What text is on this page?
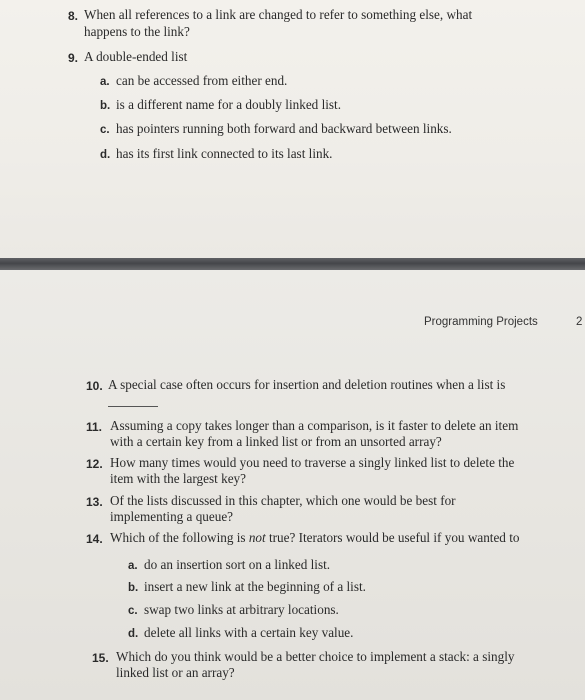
8. When all references to a link are changed to refer to something else, what
happens to the link?
9. A double-ended list
a. can be accessed from either end.
b. is a different name for a doubly linked list.
c. has pointers running both forward and backward between links.
d. has its first link connected to its last link.
Programming Projects	2
10. A special case often occurs for insertion and deletion routines when a list is
11. Assuming a copy takes longer than a comparison, is it faster to delete an item
with a certain key from a linked list or from an unsorted array?
12. How many times would you need to traverse a singly linked list to delete the
item with the largest key?
13. Of the lists discussed in this chapter, which one would be best for
implementing a queue?
14. Which of the following is not true? Iterators would be useful if you wanted to
a. do an insertion sort on a linked list.
b. insert a new link at the beginning of a list.
c. swap two links at arbitrary locations.
d. delete all links with a certain key value.
15. Which do you think would be a better choice to implement a stack: a singly
linked list or an array?
